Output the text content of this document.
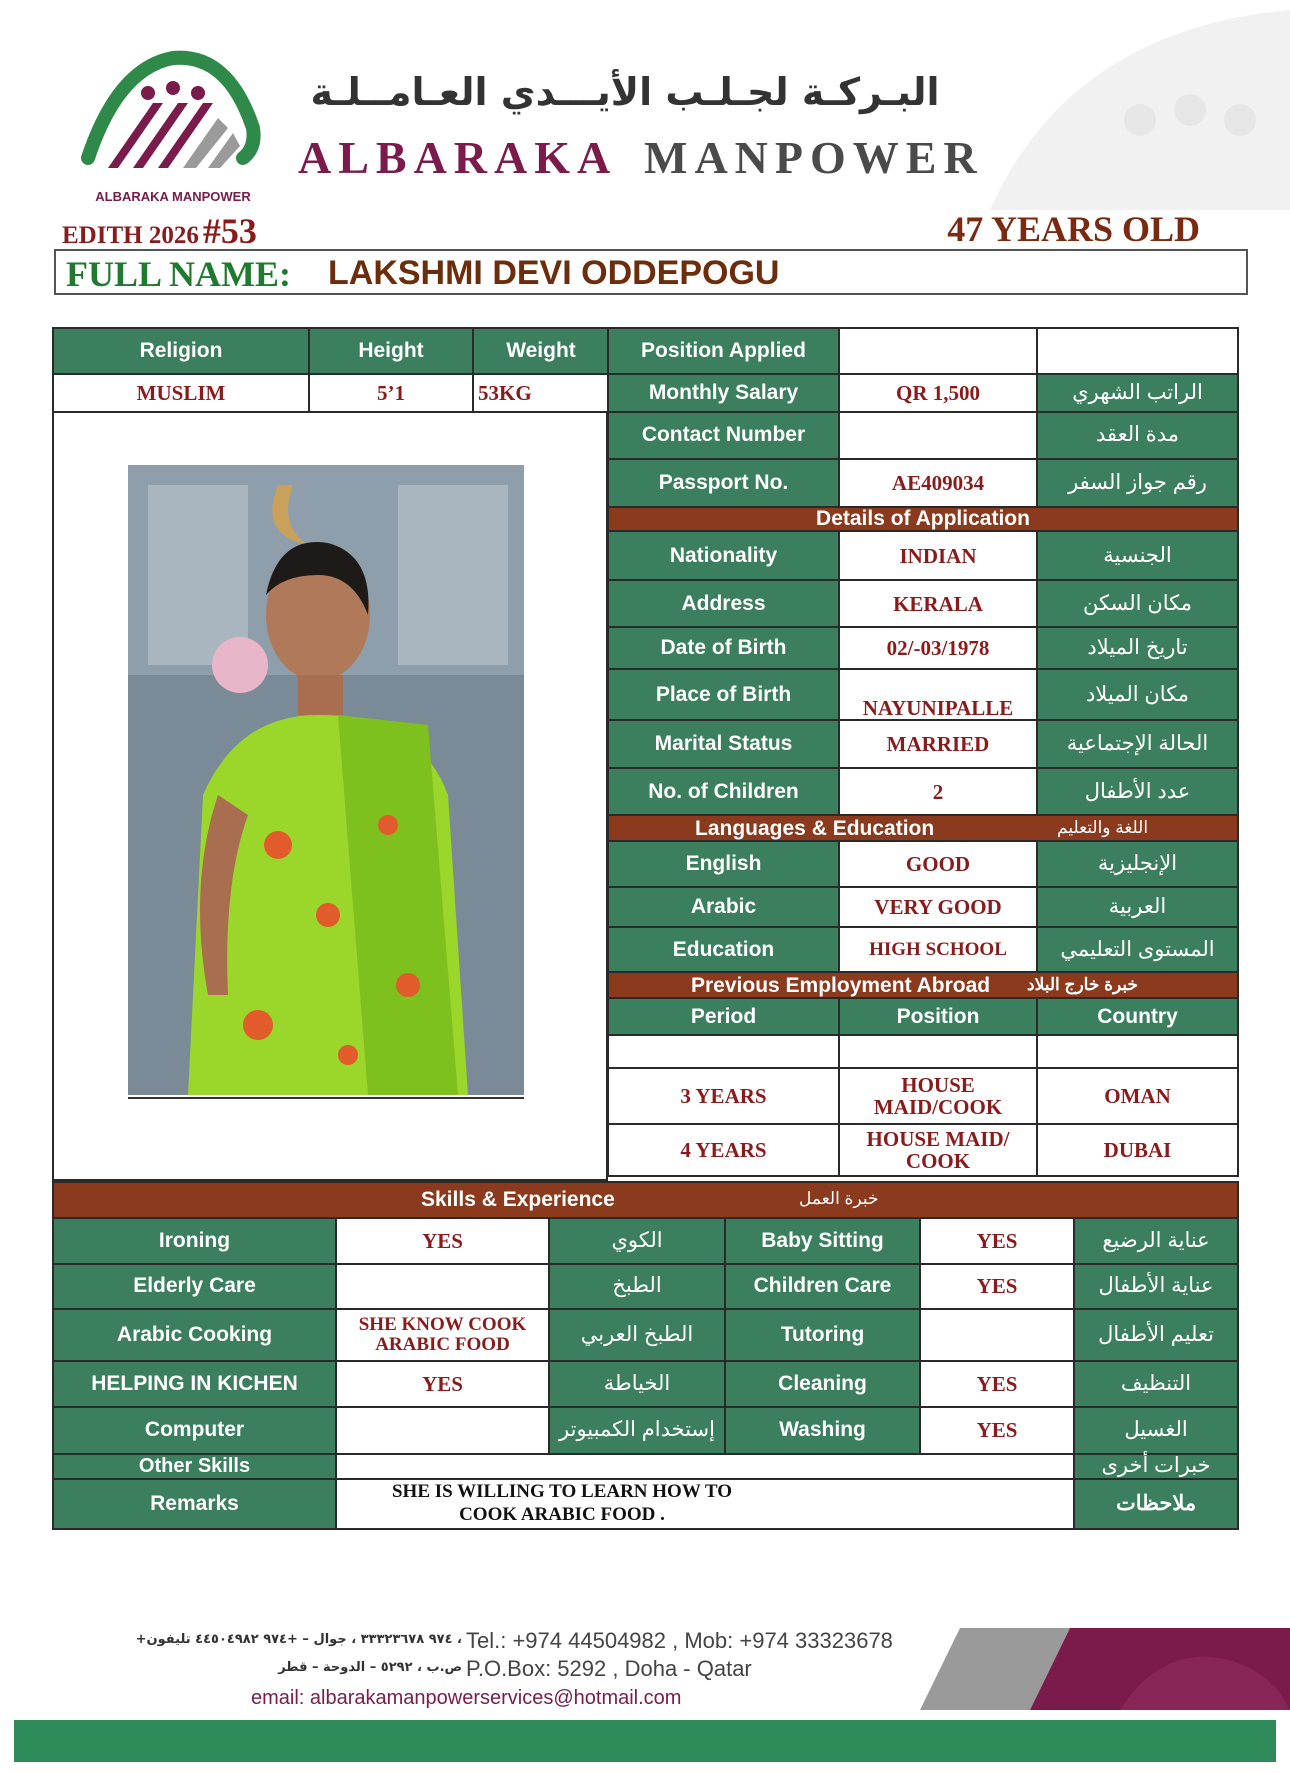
ALBARAKA MANPOWER
البـركـة لجـلـب الأيـــدي العـامــلـة
ALBARAKA MANPOWER
EDITH 2026 #53	47 YEARS OLD
FULL NAME: LAKSHMI DEVI ODDEPOGU
Religion	Height	Weight
MUSLIM	5’1	53KG
Position Applied		
Monthly Salary	QR 1,500	الراتب الشهري
Contact Number		مدة العقد
Passport No.	AE409034	رقم جواز السفر
Details of Application		
Nationality	INDIAN	الجنسية
Address	KERALA	مكان السكن
Date of Birth	02/-03/1978	تاريخ الميلاد
Place of Birth	NAYUNIPALLE	مكان الميلاد
Marital Status	MARRIED	الحالة الإجتماعية
No. of Children	2	عدد الأطفال

Languages & Education اللغة والتعليم		

English	GOOD	الإنجليزية
Arabic	VERY GOOD	العربية
Education	HIGH SCHOOL	المستوى التعليمي

Previous Employment Abroad خبرة خارج البلاد		

Period	Position	Country

3 YEARS	HOUSE MAID/COOK	OMAN
4 YEARS	HOUSE MAID/ COOK	DUBAI
Skills & Experience خبرة العمل					

Ironing	YES	الكوي	Baby Sitting	YES	عناية الرضيع
Elderly Care		الطبخ	Children Care	YES	عناية الأطفال
Arabic Cooking	SHE KNOW COOK ARABIC FOOD	الطبخ العربي	Tutoring		تعليم الأطفال
HELPING IN KICHEN	YES	الخياطة	Cleaning	YES	التنظيف
Computer		إستخدام الكمبيوتر	Washing	YES	الغسيل
Other Skills					خبرات أخرى
Remarks	SHE IS WILLING TO LEARN HOW TO COOK ARABIC FOOD .				ملاحظات
+٩٧٤ ٣٣٣٢٣٦٧٨ ، جوال – +٩٧٤ ٤٤٥٠٤٩٨٢ تليفون ، Tel.: +974 44504982 , Mob: +974 33323678
ص.ب ، ٥٢٩٢ – الدوحة – قطر P.O.Box: 5292 , Doha - Qatar
email: albarakamanpowerservices@hotmail.com
